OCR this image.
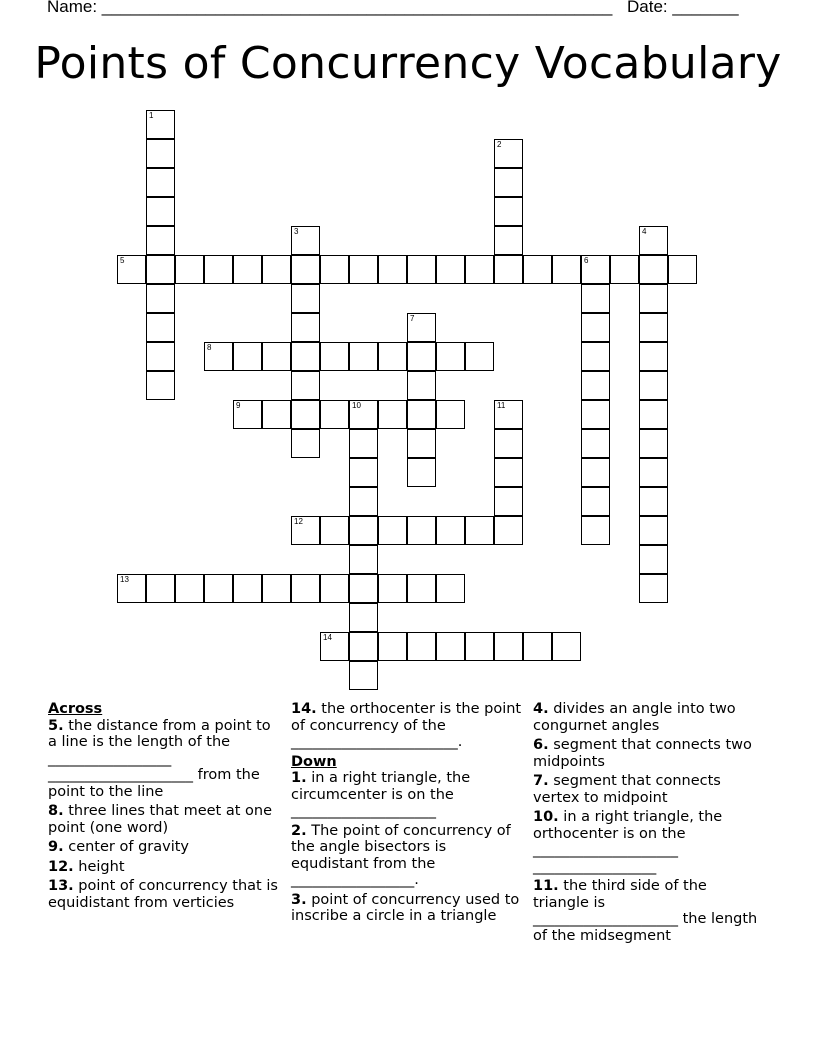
Name: ______________________________________________________ Date: _______
Points of Concurrency Vocabulary
1
2
3	4
5	6
7
8
9	10	11
12
13
14
Across
5. the distance from a point to a line is the length of the
_________________
____________________ from the point to the line
8. three lines that meet at one point (one word)
9. center of gravity
12. height
13. point of concurrency that is equidistant from verticies
14. the orthocenter is the point of concurrency of the
_______________________.
Down
1. in a right triangle, the circumcenter is on the
____________________
2. The point of concurrency of the angle bisectors is equdistant from the
_________________.
3. point of concurrency used to inscribe a circle in a triangle
4. divides an angle into two congurnet angles
6. segment that connects two midpoints
7. segment that connects vertex to midpoint
10. in a right triangle, the orthocenter is on the
____________________
_________________
11. the third side of the triangle is
____________________ the length of the midsegment
